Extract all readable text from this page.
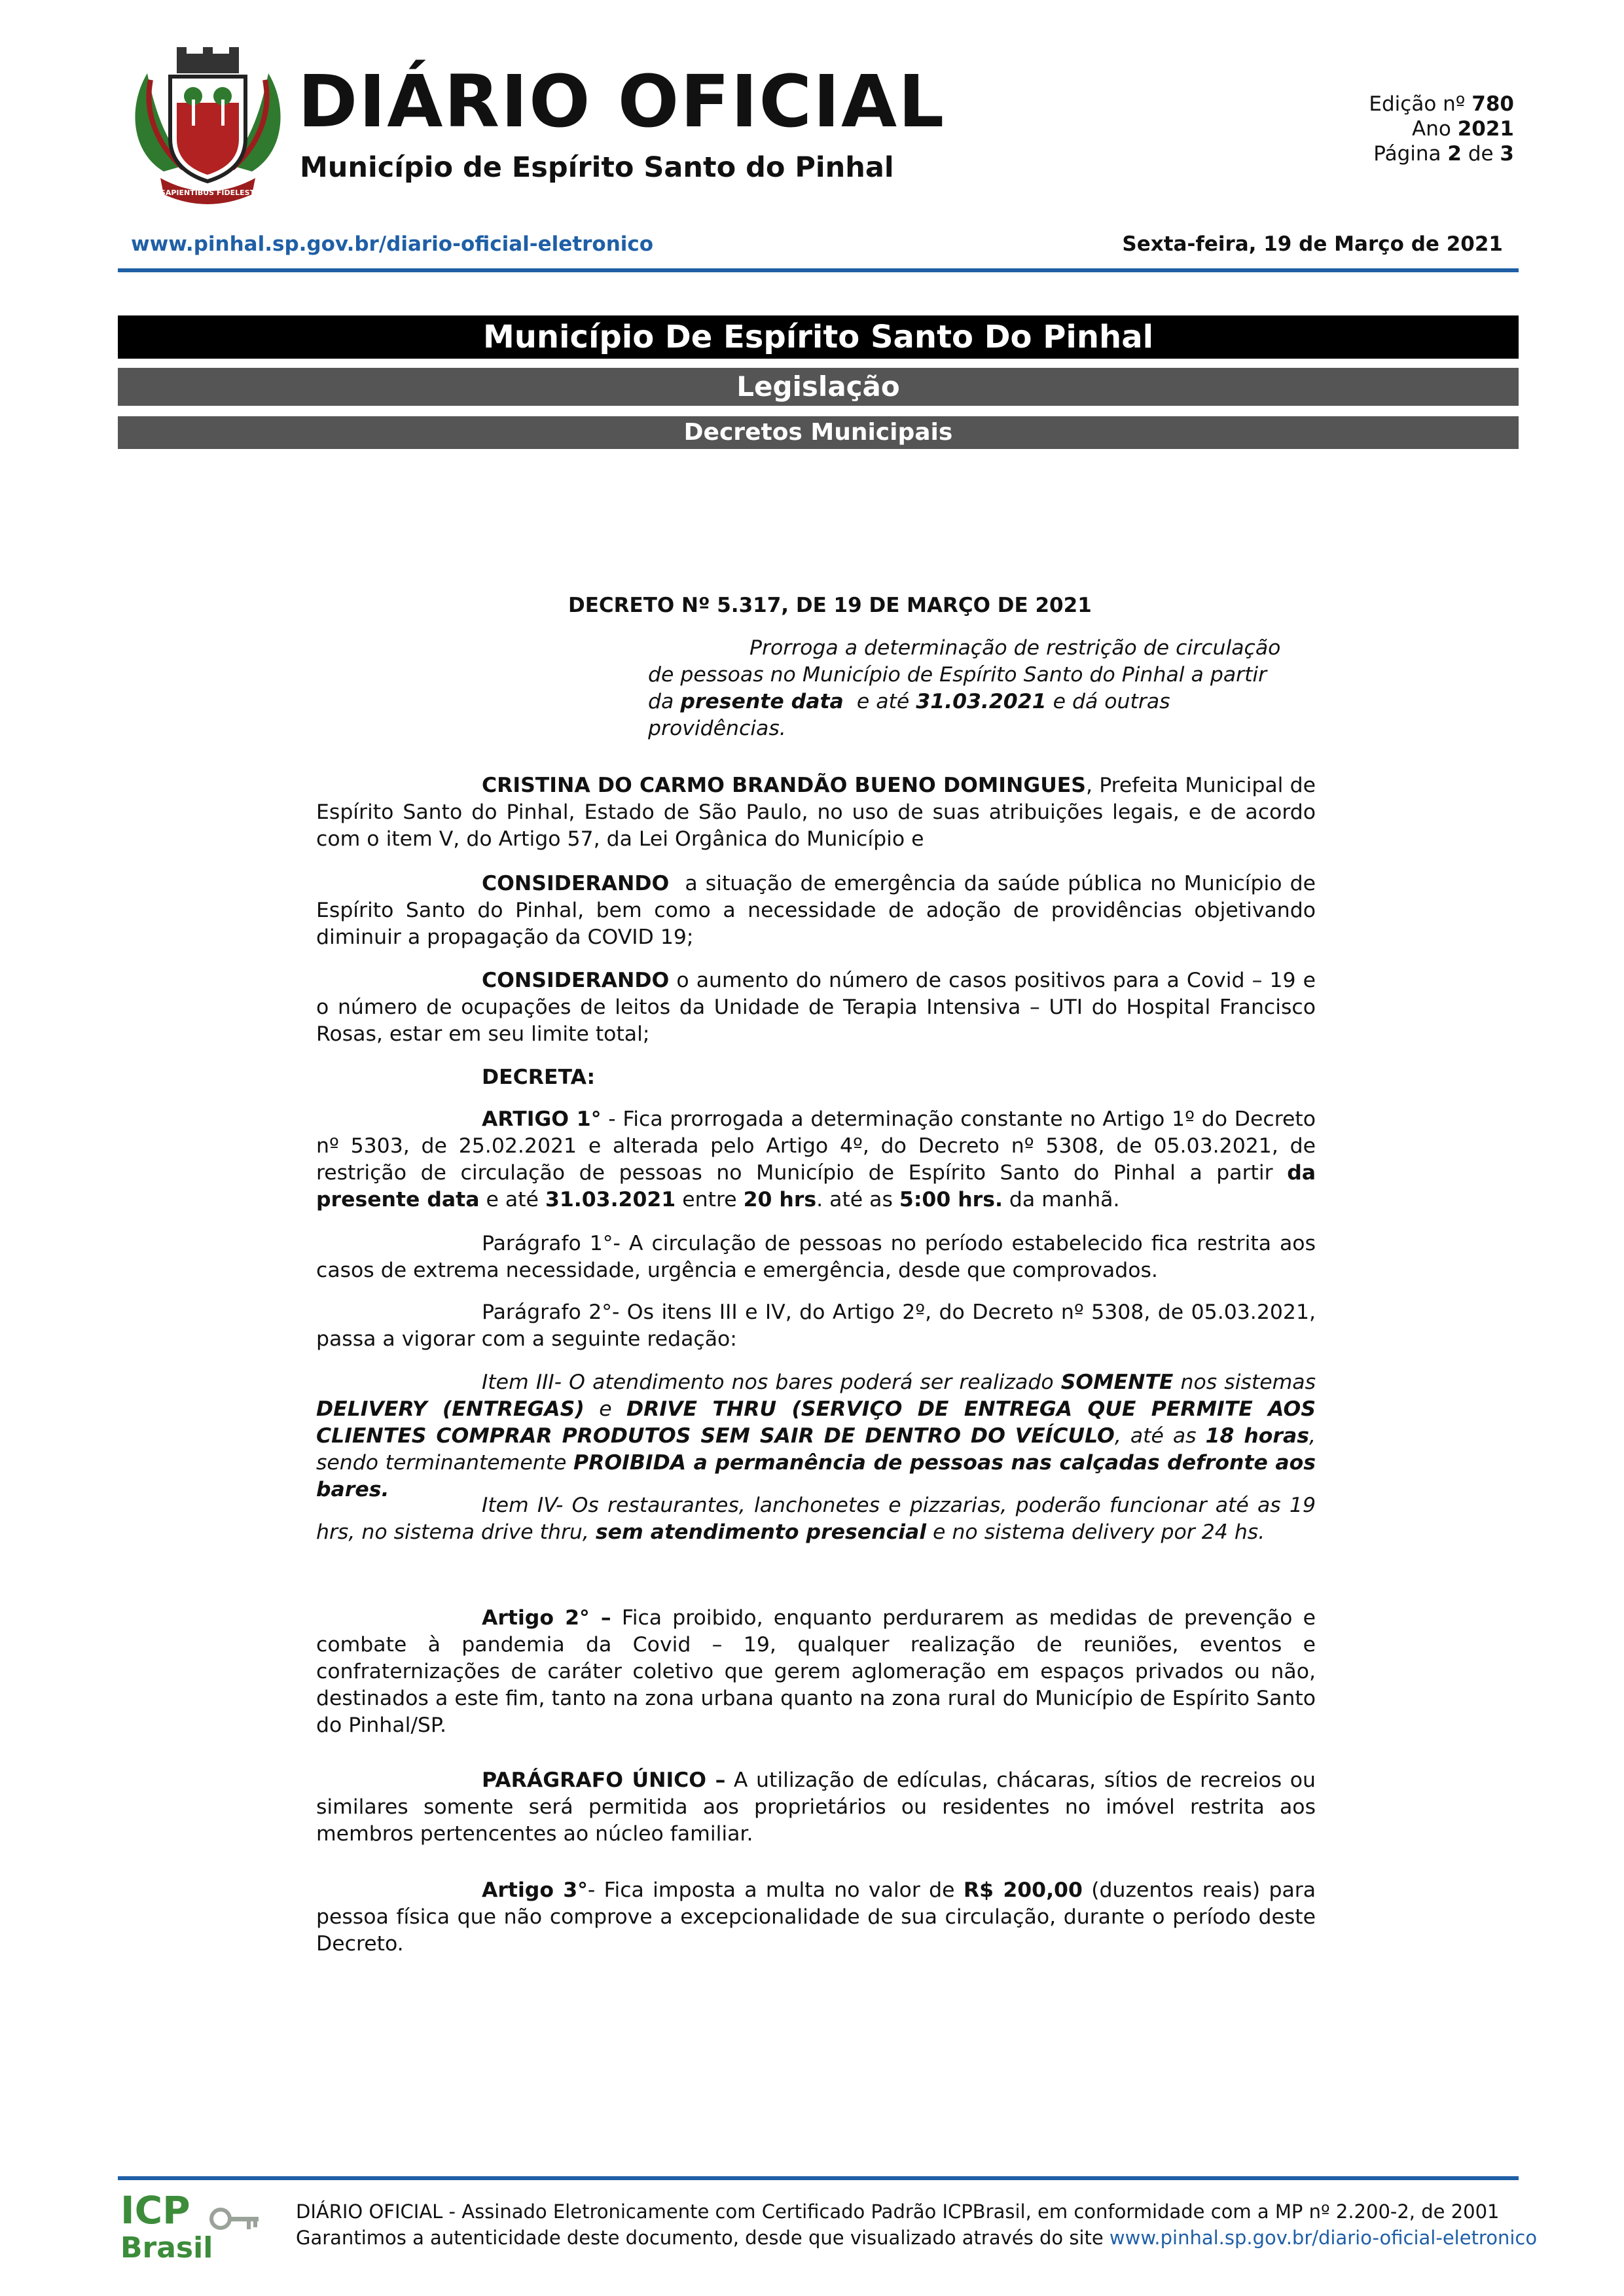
SAPIENTIBUS FIDELEST
DIÁRIO OFICIAL
Município de Espírito Santo do Pinhal
Edição nº 780
Ano 2021
Página 2 de 3
www.pinhal.sp.gov.br/diario-oficial-eletronico	Sexta-feira, 19 de Março de 2021
Município De Espírito Santo Do Pinhal
Legislação
Decretos Municipais
DECRETO Nº 5.317, DE 19 DE MARÇO DE 2021
Prorroga a determinação de restrição de circulação
de pessoas no Município de Espírito Santo do Pinhal a partir
da presente data  e até 31.03.2021 e dá outras providências.
CRISTINA DO CARMO BRANDÃO BUENO DOMINGUES, Prefeita Municipal de Espírito Santo do Pinhal, Estado de São Paulo, no uso de suas atribuições legais, e de acordo com o item V, do Artigo 57, da Lei Orgânica do Município e
CONSIDERANDO  a situação de emergência da saúde pública no Município de Espírito Santo do Pinhal, bem como a necessidade de adoção de providências objetivando diminuir a propagação da COVID 19;
CONSIDERANDO o aumento do número de casos positivos para a Covid – 19 e o número de ocupações de leitos da Unidade de Terapia Intensiva – UTI do Hospital Francisco Rosas, estar em seu limite total;
DECRETA:
ARTIGO 1° - Fica prorrogada a determinação constante no Artigo 1º do Decreto nº 5303, de 25.02.2021 e alterada pelo Artigo 4º, do Decreto nº 5308, de 05.03.2021, de restrição de circulação de pessoas no Município de Espírito Santo do Pinhal a partir da presente data e até 31.03.2021 entre 20 hrs. até as 5:00 hrs. da manhã.
Parágrafo 1°- A circulação de pessoas no período estabelecido fica restrita aos casos de extrema necessidade, urgência e emergência, desde que comprovados.
Parágrafo 2°- Os itens III e IV, do Artigo 2º, do Decreto nº 5308, de 05.03.2021, passa a vigorar com a seguinte redação:
Item III- O atendimento nos bares poderá ser realizado SOMENTE nos sistemas DELIVERY (ENTREGAS) e DRIVE THRU (SERVIÇO DE ENTREGA QUE PERMITE AOS CLIENTES COMPRAR PRODUTOS SEM SAIR DE DENTRO DO VEÍCULO, até as 18 horas, sendo terminantemente PROIBIDA a permanência de pessoas nas calçadas defronte aos bares.
Item IV- Os restaurantes, lanchonetes e pizzarias, poderão funcionar até as 19 hrs, no sistema drive thru, sem atendimento presencial e no sistema delivery por 24 hs.
Artigo 2° – Fica proibido, enquanto perdurarem as medidas de prevenção e combate à pandemia da Covid – 19, qualquer realização de reuniões, eventos e confraternizações de caráter coletivo que gerem aglomeração em espaços privados ou não, destinados a este fim, tanto na zona urbana quanto na zona rural do Município de Espírito Santo do Pinhal/SP.
PARÁGRAFO ÚNICO – A utilização de edículas, chácaras, sítios de recreios ou similares somente será permitida aos proprietários ou residentes no imóvel restrita aos membros pertencentes ao núcleo familiar.
Artigo 3°- Fica imposta a multa no valor de R$ 200,00 (duzentos reais) para pessoa física que não comprove a excepcionalidade de sua circulação, durante o período deste Decreto.
ICP
Brasil
DIÁRIO OFICIAL - Assinado Eletronicamente com Certificado Padrão ICPBrasil, em conformidade com a MP nº 2.200-2, de 2001
Garantimos a autenticidade deste documento, desde que visualizado através do site www.pinhal.sp.gov.br/diario-oficial-eletronico
